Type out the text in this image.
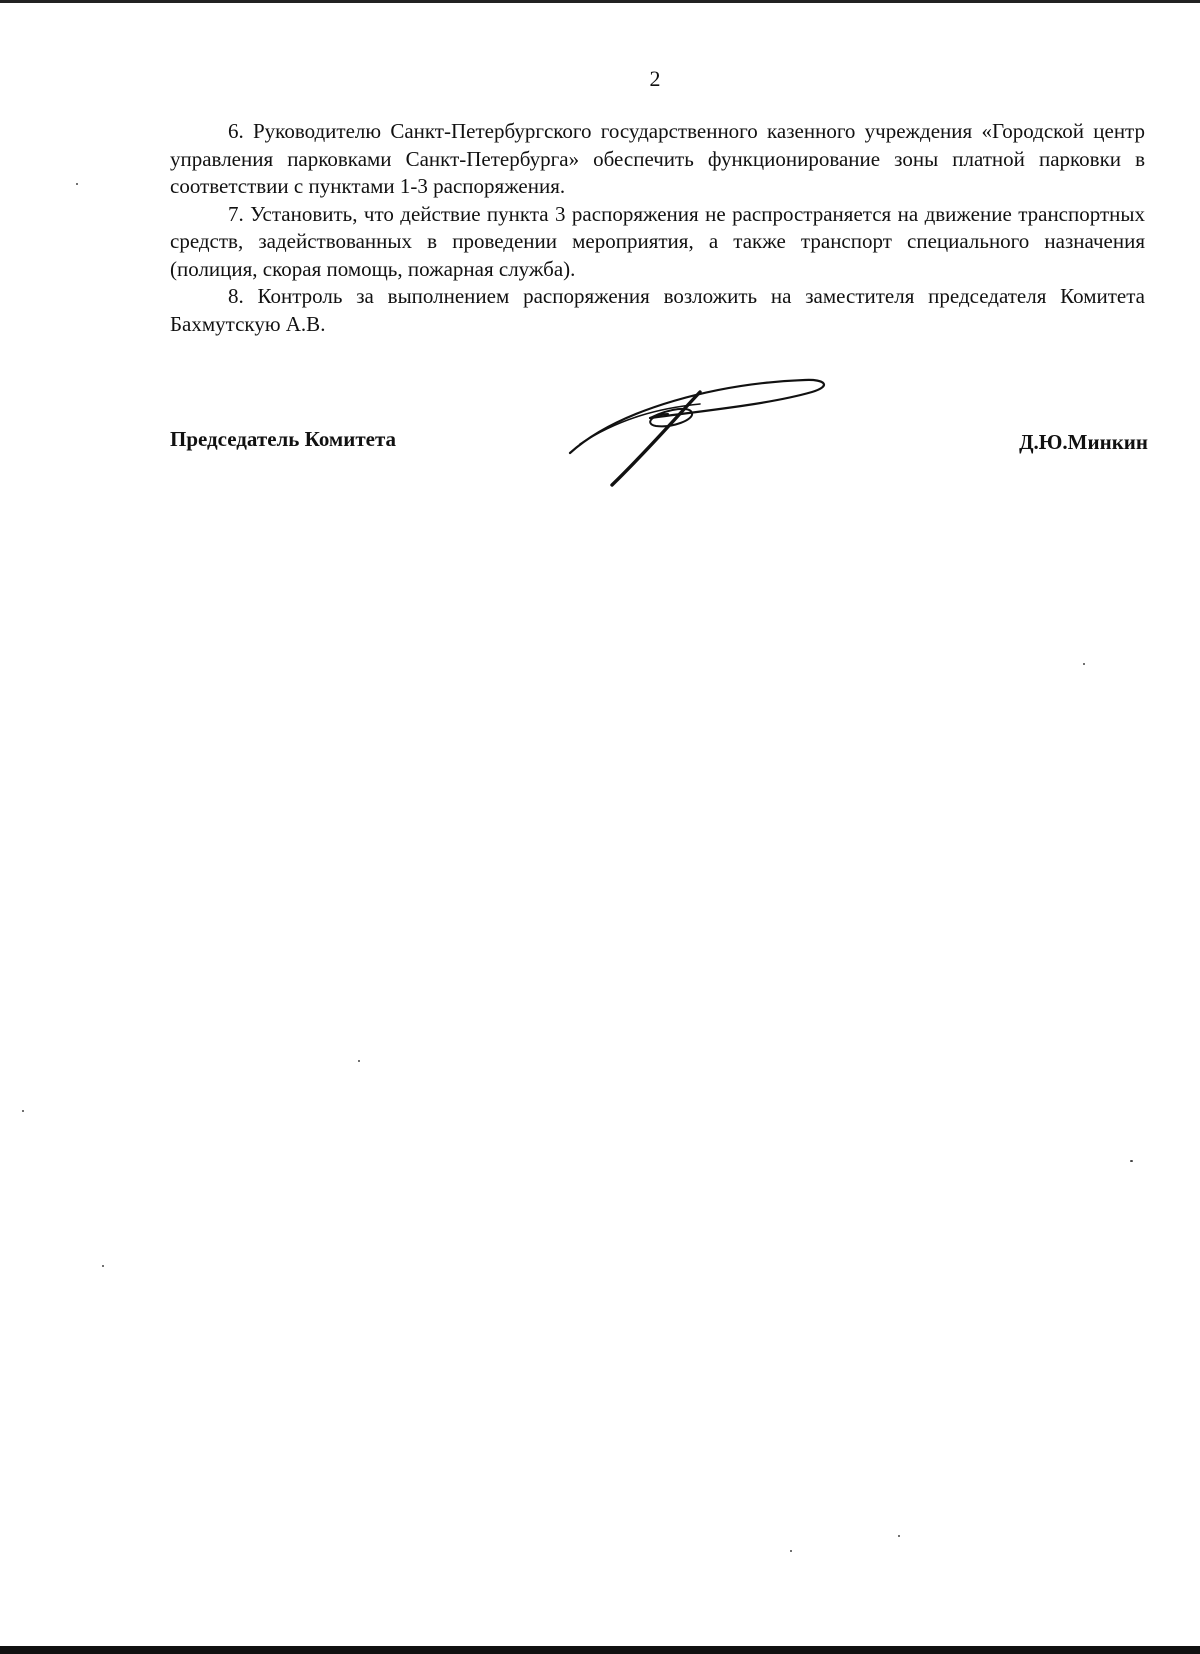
2

6. Руководителю Санкт-Петербургского государственного казенного учреждения «Городской центр управления парковками Санкт-Петербурга» обеспечить функционирование зоны платной парковки в соответствии с пунктами 1-3 распоряжения.

7. Установить, что действие пункта 3 распоряжения не распространяется на движение транспортных средств, задействованных в проведении мероприятия, а также транспорт специального назначения (полиция, скорая помощь, пожарная служба).

8. Контроль за выполнением распоряжения возложить на заместителя председателя Комитета Бахмутскую А.В.

Председатель Комитета	Д.Ю.Минкин
